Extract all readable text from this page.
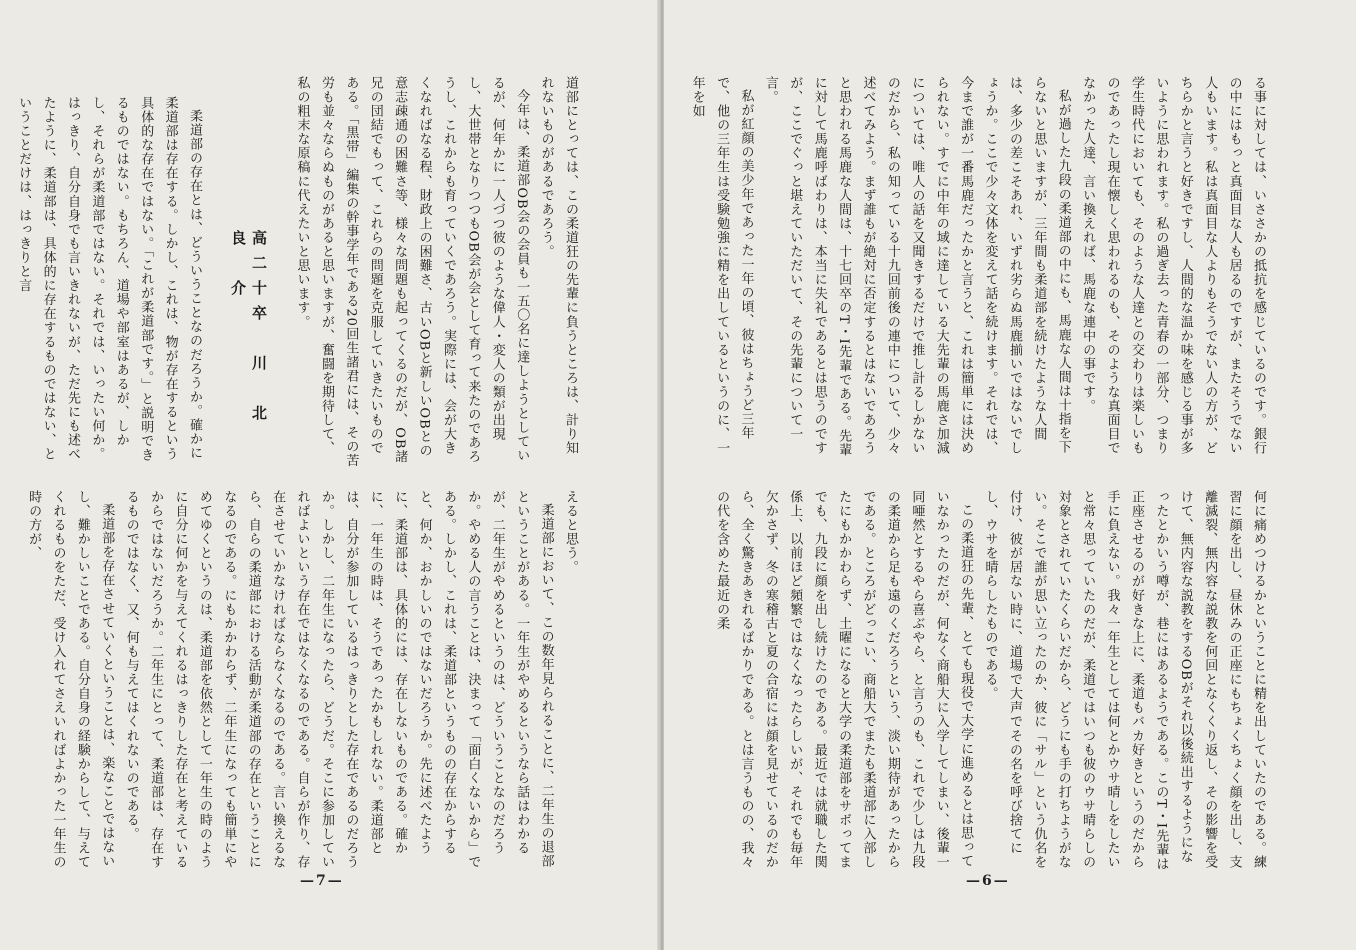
道部にとっては、この柔道狂の先輩に負うところは、計り知れないものがあるであろう。

今年は、柔道部OB会の会員も一五〇名に達しようとしているが、何年かに一人づつ彼のような偉人・変人の類が出現し、大世帯となりつつもOB会が会として育って来たのであろうし、これからも育っていくであろう。実際には、会が大きくなればなる程、財政上の困難さ、古いOBと新しいOBとの意志疎通の困難さ等、様々な問題も起ってくるのだが、OB諸兄の団結でもって、これらの問題を克服していきたいものである。「黒帯」編集の幹事学年である20回生諸君には、その苦労も並々ならぬものがあると思いますが、奮闘を期待して、私の粗末な原稿に代えたいと思います。

高二十卒　川　北　良　介

柔道部の存在とは、どういうことなのだろうか。確かに柔道部は存在する。しかし、これは、物が存在するという具体的な存在ではない。「これが柔道部です。」と説明できるものではない。もちろん、道場や部室はあるが、しかし、それらが柔道部ではない。それでは、いったい何か。はっきり、自分自身でも言いきれないが、ただ先にも述べたように、柔道部は、具体的に存在するものではない、ということだけは、はっきりと言

えると思う。

柔道部において、この数年見られることに、二年生の退部ということがある。一年生がやめるというなら話はわかるが、二年生がやめるというのは、どういうことなのだろうか。やめる人の言うことは、決まって「面白くないから」である。しかし、これは、柔道部というものの存在からすると、何か、おかしいのではないだろうか。先に述べたように、柔道部は、具体的には、存在しないものである。確かに、一年生の時は、そうであったかもしれない。柔道部とは、自分が参加しているはっきりとした存在であるのだろうか。しかし、二年生になったら、どうだ。そこに参加していればよいという存在ではなくなるのである。自らが作り、存在させていかなければならなくなるのである。言い換えるなら、自らの柔道部における活動が柔道部の存在ということになるのである。にもかかわらず、二年生になっても簡単にやめてゆくというのは、柔道部を依然として一年生の時のように自分に何かを与えてくれるはっきりした存在と考えているからではないだろうか。二年生にとって、柔道部は、存在するものではなく、又、何も与えてはくれないのである。

柔道部を存在させていくということは、楽なことではないし、難かしいことである。自分自身の経験からして、与えてくれるものをただ、受け入れてさえいればよかった一年生の時の方が、

—7—

る事に対しては、いささかの抵抗を感じているのです。銀行の中にはもっと真面目な人も居るのですが、またそうでない人もいます。私は真面目な人よりもそうでない人の方が、どちらかと言うと好きですし、人間的な温か味を感じる事が多いように思われます。私の過ぎ去った青春の一部分、つまり学生時代においても、そのような人達との交わりは楽しいものであったし現在懐しく思われるのも、そのような真面目でなかった人達、言い換えれば、馬鹿な連中の事です。

私が過した九段の柔道部の中にも、馬鹿な人間は十指を下らないと思いますが、三年間も柔道部を続けたような人間は、多少の差こそあれ、いずれ劣らぬ馬鹿揃いではないでしょうか。ここで少々文体を変えて話を続けます。それでは、今まで誰が一番馬鹿だったかと言うと、これは簡単には決められない。すでに中年の域に達している大先輩の馬鹿さ加減については、唯人の話を又聞きするだけで推し計るしかないのだから、私の知っている十九回前後の連中について、少々述べてみよう。まず誰もが絶対に否定するとはないであろうと思われる馬鹿な人間は、十七回卒のT・I先輩である。先輩に対して馬鹿呼ばわりは、本当に失礼であるとは思うのですが、ここでぐっと堪えていただいて、その先輩について一言。

私が紅顔の美少年であった一年の頃、彼はちょうど三年で、他の三年生は受験勉強に精を出しているというのに、一年を如

何に痛めつけるかということに精を出していたのである。練習に顔を出し、昼休みの正座にもちょくちょく顔を出し、支離滅裂、無内容な説教を何回となくくり返し、その影響を受けて、無内容な説教をするOBがそれ以後続出するようになったとかいう噂が、巷にはあるようである。このT・I先輩は正座させるのが好きな上に、柔道もバカ好きというのだから手に負えない。我々一年生としては何とかウサ晴しをしたいと常々思っていたのだが、柔道ではいつも彼のウサ晴らしの対象とされていたくらいだから、どうにも手の打ちようがない。そこで誰が思い立ったのか、彼に「サル」という仇名を付け、彼が居ない時に、道場で大声でその名を呼び捨てにし、ウサを晴らしたものである。

この柔道狂の先輩、とても現役で大学に進めるとは思っていなかったのだが、何なく商船大に入学してしまい、後輩一同唖然とするやら喜ぶやら、と言うのも、これで少しは九段の柔道から足も遠のくだろうという、淡い期待があったからである。ところがどっこい、商船大でまたも柔道部に入部したにもかかわらず、土曜になると大学の柔道部をサボってまでも、九段に顔を出し続けたのである。最近では就職した関係上、以前ほど頻繁ではなくなったらしいが、それでも毎年欠かさず、冬の寒稽古と夏の合宿には顔を見せているのだから、全く驚きあきれるばかりである。とは言うものの、我々の代を含めた最近の柔

—6—
